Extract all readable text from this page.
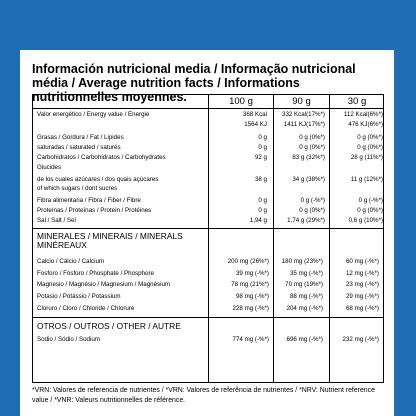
Información nutricional media / Informação nutricional média / Average nutrition facts / Informations nutritionnelles moyennes.	100 g	90 g	30 g
Valor energético / Energy value / Energie	368 Kcal	332 Kcal(17%*)	112 Kcal(6%*)
1564 KJ	1411 KJ(17%*)	476 KJ(6%*)
Grasas / Gordura / Fat / Lipides	0 g	0 g (0%*)	0 g (0%*)
saturadas / saturated / saturés	0 g	0 g (0%*)	0 g (0%*)
Carbohidratos / Carbohidratos / Carbohydrates	92 g	83 g (32%*)	28 g (11%*)
Glucides
de los cuales azúcares / dos quais açúcares	38 g	34 g (38%*)	11 g (12%*)
of which sugars / dont sucres
Fibra alimentaria / Fibra / Fiber / Fibre	0 g	0 g (-%*)	0 g (-%*)
Proteínas / Proteínas / Protein / Protéines	0 g	0 g (0%*)	0 g (0%*)
Sal / Salt / Sel	1,94 g	1,74 g (29%*)	0,6 g (10%*)
MINERALES / MINERAIS / MINERALS MINÉREAUX
Calcio / Cálcio / Calcium	200 mg (26%*)	180 mg (23%*)	60 mg (-%*)
Fosforo / Fósforo / Phosphate / Phosphore	39 mg (-%*)	35 mg (-%*)	12 mg (-%*)
Magnesio / Magnésio / Magnesium / Magnésium	78 mg (21%*)	70 mg (19%*)	23 mg (-%*)
Potasio / Potássio / Potassium	98 mg (-%*)	88 mg (-%*)	29 mg (-%*)
Cloruro / Cloro / Chloride / Chlorure	228 mg (-%*)	204 mg (-%*)	68 mg (-%*)
OTROS / OUTROS / OTHER / AUTRE
Sodio / Sódio / Sodium	774 mg (-%*)	696 mg (-%*)	232 mg (-%*)
*VRN: Valores de referencia de nutrientes / *VRN: Valores de referência de nutrientes / *NRV: Nutrient reference value / *VNR: Valeurs nutritionnelles de référence.
